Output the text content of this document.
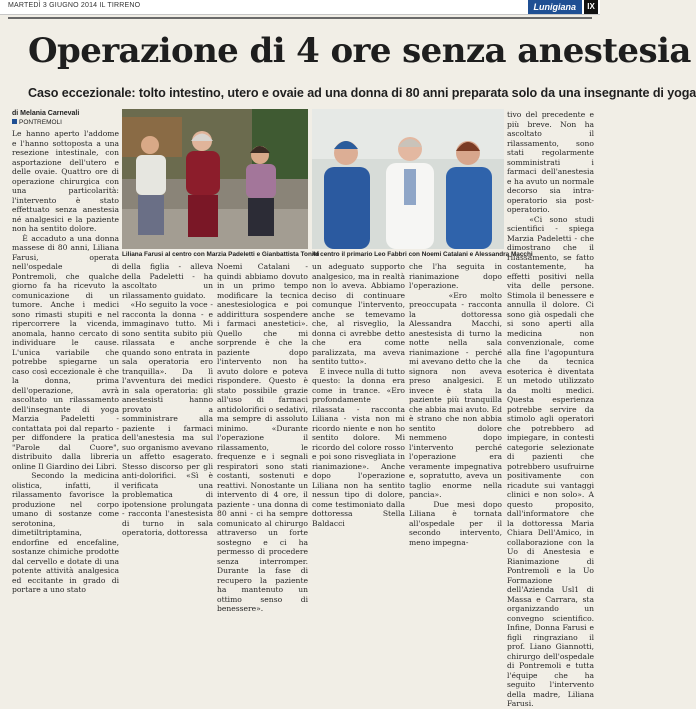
MARTEDÌ 3 GIUGNO 2014 IL TIRRENO	Lunigiana	IX
Operazione di 4 ore senza anestesia
Caso eccezionale: tolto intestino, utero e ovaie ad una donna di 80 anni preparata solo da una insegnante di yoga
di Melania Carnevali
PONTREMOLI
Le hanno aperto l'addome e l'hanno sottoposta a una resezione intestinale, con asportazione dell'utero e delle ovaie. Quattro ore di operazione chirurgica con una particolarità: l'intervento è stato effettuato senza anestesia né analgesici e la paziente non ha sentito dolore.
È accaduto a una donna massese di 80 anni, Liliana Farusi, operata nell'ospedale di Pontremoli, che qualche giorno fa ha ricevuto la comunicazione di un tumore. Anche i medici sono rimasti stupiti e nel ripercorrere la vicenda, anomala, hanno cercato di individuare le cause. L'unica variabile che potrebbe spiegarne un caso così eccezionale è che la donna, prima dell'operazione, avrà ascoltato un rilassamento dell'insegnante di yoga Marzia Padeletti - contattata poi dal reparto - per diffondere la pratica "Parole dal Cuore", distribuito dalla libreria online Il Giardino dei Libri.
Secondo la medicina olistica, infatti, il rilassamento favorisce la produzione nel corpo umano di sostanze come serotonina, dimetiltriptamina, endorfine ed encefaline, sostanze chimiche prodotte dal cervello e dotate di una potente attività analgesica ed eccitante in grado di portare a uno stato
Liliana Farusi al centro con Marzia Padeletti e Gianbattista Tonini
Al centro il primario Leo Fabbri con Noemi Catalani e Alessandra Macchi
della figlia - alleva della Padeletti - ha ascoltato un rilassamento guidato.
«Ho seguito la voce - racconta la donna - e immaginavo tutto. Mi sono sentita subito più rilassata e anche quando sono entrata in sala operatoria ero tranquilla». Da lì l'avventura dei medici in sala operatoria: gli anestesisti hanno provato a somministrare alla paziente i farmaci dell'anestesia ma sul suo organismo avevano un affetto esagerato. Stesso discorso per gli anti-dolorifici. «Sì è verificata una problematica di ipotensione prolungata - racconta l'anestesista di turno in sala operatoria, dottoressa
Noemi Catalani - quindi abbiamo dovuto in un primo tempo modificare la tecnica anestesiologica e poi addirittura sospendere i farmaci anestetici». Quello che mi sorprende è che la paziente dopo l'intervento non ha avuto dolore e poteva rispondere. Questo è stato possibile grazie all'uso di farmaci antidolorifici o sedativi, ma sempre di assoluto minimo. «Durante l'operazione il rilassamento, le frequenze e i segnali respiratori sono stati costanti, sostenuti e reattivi. Nonostante un intervento di 4 ore, il paziente - una donna di 80 anni - ci ha sempre comunicato al chirurgo attraverso un forte sostegno e ci ha permesso di procedere senza interromper. Durante la fase di recupero la paziente ha mantenuto un ottimo senso di benessere».
un adeguato supporto analgesico, ma in realtà non lo aveva. Abbiamo deciso di continuare comunque l'intervento, anche se temevamo che, al risveglio, la donna ci avrebbe detto che era come paralizzata, ma aveva sentito tutto».
E invece nulla di tutto questo: la donna era come in trance. «Ero profondamente rilassata - racconta Liliana - vista non mi ricordo niente e non ho sentito dolore. Mi ricordo del colore rosso e poi sono risvegliata in rianimazione». Anche dopo l'operazione Liliana non ha sentito nessun tipo di dolore, come testimoniato dalla dottoressa Stella Baldacci
che l'ha seguita in rianimazione dopo l'operazione.
«Ero molto preoccupata - racconta la dottoressa Alessandra Macchi, anestesista di turno la notte nella sala rianimazione - perché mi avevano detto che la signora non aveva preso analgesici. E invece è stata la paziente più tranquilla che abbia mai avuto. Ed è strano che non abbia sentito dolore nemmeno dopo l'intervento perché l'operazione era veramente impegnativa e, sopratutto, aveva un taglio enorme nella pancia».
Due mesi dopo Liliana è tornata all'ospedale per il secondo intervento, meno impegna-
tivo del precedente e più breve. Non ha ascoltato il rilassamento, sono stati regolarmente somministrati i farmaci dell'anestesia e ha avuto un normale decorso sia intra-operatorio sia post-operatorio.
«Ci sono studi scientifici - spiega Marzia Padeletti - che dimostrano che il rilassamento, se fatto costantemente, ha effetti positivi nella vita delle persone. Stimola il benessere e annulla il dolore. Ci sono già ospedali che si sono aperti alla medicina non convenzionale, come alla fine l'agopuntura che da tecnica esoterica è diventata un metodo utilizzato da molti medici. Questa esperienza potrebbe servire da stimolo agli operatori che potrebbero ad impiegare, in contesti categorie selezionate di pazienti che potrebbero usufruirne positivamente con ricadute sui vantaggi clinici e non solo». A questo proposito, dall'informatore che la dottoressa Maria Chiara Dell'Amico, in collaborazione con la Uo di Anestesia e Rianimazione di Pontremoli e la Uo Formazione dell'Azienda Usl1 di Massa e Carrara, sta organizzando un convegno scientifico. Infine, Donna Farusi e figli ringraziano il prof. Liano Giannotti, chirurgo dell'ospedale di Pontremoli e tutta l'équipe che ha seguito l'intervento della madre, Liliana Farusi.
